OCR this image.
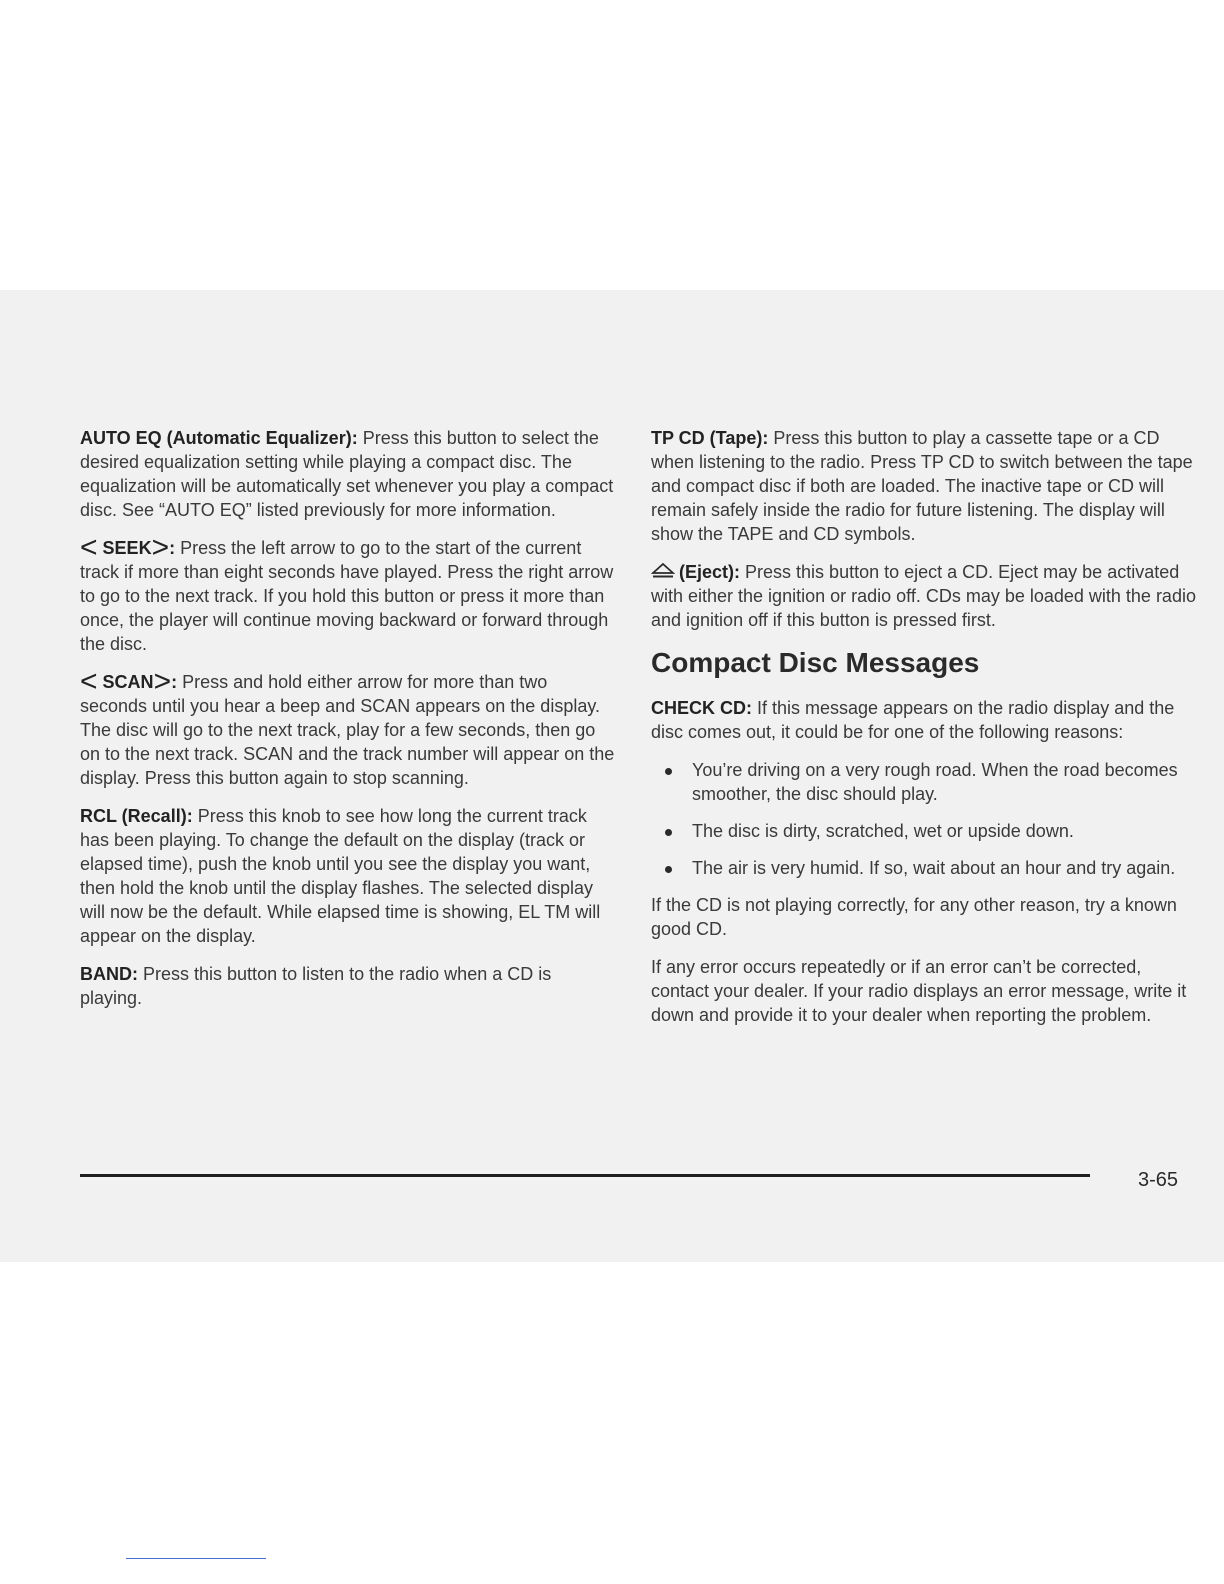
AUTO EQ (Automatic Equalizer): Press this button to select the desired equalization setting while playing a compact disc. The equalization will be automatically set whenever you play a compact disc. See “AUTO EQ” listed previously for more information.

< SEEK>: Press the left arrow to go to the start of the current track if more than eight seconds have played. Press the right arrow to go to the next track. If you hold this button or press it more than once, the player will continue moving backward or forward through the disc.

< SCAN>: Press and hold either arrow for more than two seconds until you hear a beep and SCAN appears on the display. The disc will go to the next track, play for a few seconds, then go on to the next track. SCAN and the track number will appear on the display. Press this button again to stop scanning.

RCL (Recall): Press this knob to see how long the current track has been playing. To change the default on the display (track or elapsed time), push the knob until you see the display you want, then hold the knob until the display flashes. The selected display will now be the default. While elapsed time is showing, EL TM will appear on the display.

BAND: Press this button to listen to the radio when a CD is playing.

TP CD (Tape): Press this button to play a cassette tape or a CD when listening to the radio. Press TP CD to switch between the tape and compact disc if both are loaded. The inactive tape or CD will remain safely inside the radio for future listening. The display will show the TAPE and CD symbols.

(Eject): Press this button to eject a CD. Eject may be activated with either the ignition or radio off. CDs may be loaded with the radio and ignition off if this button is pressed first.

Compact Disc Messages

CHECK CD: If this message appears on the radio display and the disc comes out, it could be for one of the following reasons:

You’re driving on a very rough road. When the road becomes smoother, the disc should play.
The disc is dirty, scratched, wet or upside down.
The air is very humid. If so, wait about an hour and try again.

If the CD is not playing correctly, for any other reason, try a known good CD.

If any error occurs repeatedly or if an error can’t be corrected, contact your dealer. If your radio displays an error message, write it down and provide it to your dealer when reporting the problem.

3-65
